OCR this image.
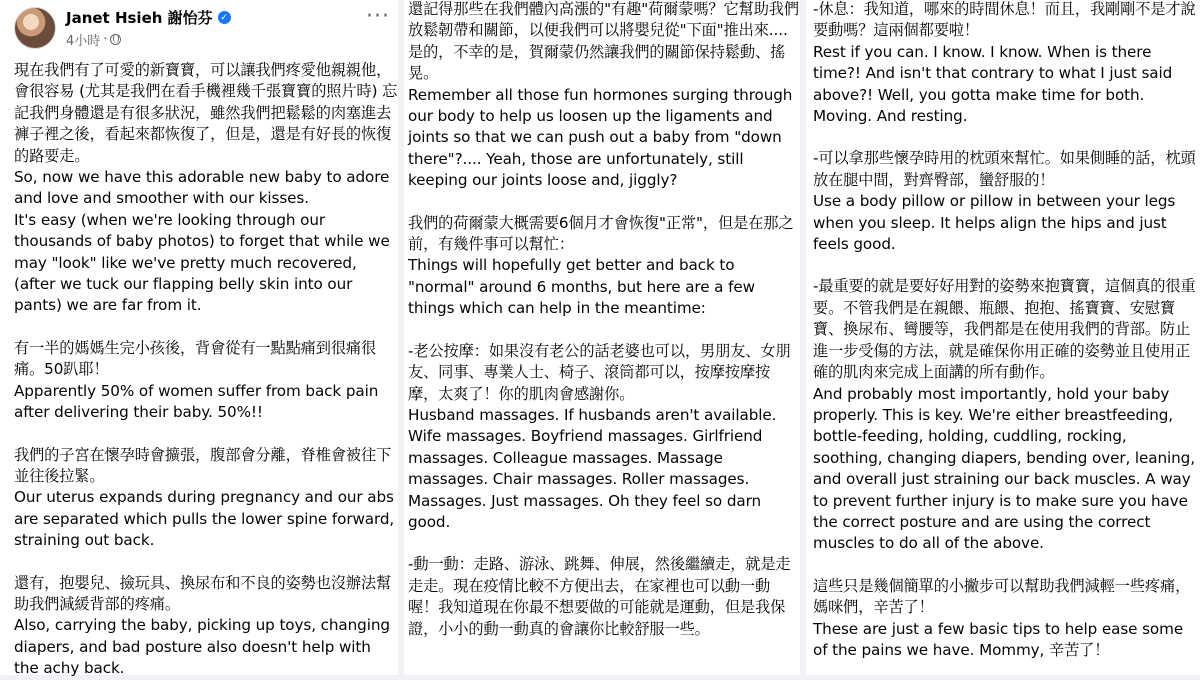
Janet Hsieh 謝怡芬 ✓
4小時 ·
···

現在我們有了可愛的新寶寶，可以讓我們疼愛他親親他，會很容易 (尤其是我們在看手機裡幾千張寶寶的照片時) 忘記我們身體還是有很多狀況，雖然我們把鬆鬆的肉塞進去褲子裡之後，看起來都恢復了，但是，還是有好長的恢復的路要走。
So, now we have this adorable new baby to adore and love and smoother with our kisses.
It's easy (when we're looking through our thousands of baby photos) to forget that while we may "look" like we've pretty much recovered, (after we tuck our flapping belly skin into our pants) we are far from it.

有一半的媽媽生完小孩後，背會從有一點點痛到很痛很痛。50趴耶！
Apparently 50% of women suffer from back pain after delivering their baby. 50%!!

我們的子宮在懷孕時會擴張，腹部會分離，脊椎會被往下並往後拉緊。
Our uterus expands during pregnancy and our abs are separated which pulls the lower spine forward, straining out back.

還有，抱嬰兒、撿玩具、換尿布和不良的姿勢也沒辦法幫助我們減緩背部的疼痛。
Also, carrying the baby, picking up toys, changing diapers, and bad posture also doesn't help with the achy back.

還記得那些在我們體內高漲的"有趣"荷爾蒙嗎？它幫助我們放鬆韌帶和關節，以便我們可以將嬰兒從"下面"推出來....是的，不幸的是，賀爾蒙仍然讓我們的關節保持鬆動、搖晃。
Remember all those fun hormones surging through our body to help us loosen up the ligaments and joints so that we can push out a baby from "down there"?.... Yeah, those are unfortunately, still keeping our joints loose and, jiggly?

我們的荷爾蒙大概需要6個月才會恢復"正常"，但是在那之前，有幾件事可以幫忙：
Things will hopefully get better and back to "normal" around 6 months, but here are a few things which can help in the meantime:

-老公按摩：如果沒有老公的話老婆也可以，男朋友、女朋友、同事、專業人士、椅子、滾筒都可以，按摩按摩按摩，太爽了！你的肌肉會感謝你。
Husband massages. If husbands aren't available. Wife massages. Boyfriend massages. Girlfriend massages. Colleague massages. Massage massages. Chair massages. Roller massages. Massages. Just massages. Oh they feel so darn good.

-動一動：走路、游泳、跳舞、伸展，然後繼續走，就是走走走。現在疫情比較不方便出去，在家裡也可以動一動喔！我知道現在你最不想要做的可能就是運動，但是我保證，小小的動一動真的會讓你比較舒服一些。

-休息：我知道，哪來的時間休息！而且，我剛剛不是才說要動嗎？這兩個都要啦！
Rest if you can. I know. I know. When is there time?! And isn't that contrary to what I just said above?! Well, you gotta make time for both. Moving. And resting.

-可以拿那些懷孕時用的枕頭來幫忙。如果側睡的話，枕頭放在腿中間，對齊臀部，蠻舒服的！
Use a body pillow or pillow in between your legs when you sleep. It helps align the hips and just feels good.

-最重要的就是要好好用對的姿勢來抱寶寶，這個真的很重要。不管我們是在親餵、瓶餵、抱抱、搖寶寶、安慰寶寶、換尿布、彎腰等，我們都是在使用我們的背部。防止進一步受傷的方法，就是確保你用正確的姿勢並且使用正確的肌肉來完成上面講的所有動作。
And probably most importantly, hold your baby properly. This is key. We're either breastfeeding, bottle-feeding, holding, cuddling, rocking, soothing, changing diapers, bending over, leaning, and overall just straining our back muscles. A way to prevent further injury is to make sure you have the correct posture and are using the correct muscles to do all of the above.

這些只是幾個簡單的小撇步可以幫助我們減輕一些疼痛，媽咪們，辛苦了！
These are just a few basic tips to help ease some of the pains we have. Mommy, 辛苦了！
